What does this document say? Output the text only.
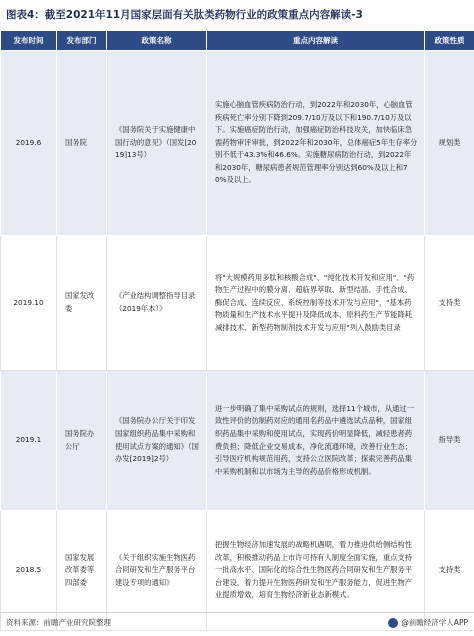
图表4：截至2021年11月国家层面有关肽类药物行业的政策重点内容解读-3
发布时间	发布部门	政策名称	重点内容解读	政策性质
2019.6	国务院	《国务院关于实施健康中国行动的意见》（国发[2019]13号）	实施心脑血管疾病防治行动，到2022年和2030年，心脑血管疾病死亡率分别下降到209.7/10万及以下和190.7/10万及以下。实施癌症防治行动，加强癌症防治科技攻关，加快临床急需药物审评审批，到2022年和2030年，总体癌症5年生存率分别不低于43.3%和46.6%。实施糖尿病防治行动，到2022年和2030年，糖尿病患者规范管理率分别达到60%及以上和70%及以上。	规划类
2019.10	国家发改委	《产业结构调整指导目录（2019年本）》	将"大规模药用多肽和核酸合成"、"纯化技术开发和应用"、"药物生产过程中的膜分离、超临界萃取、新型结晶、手性合成、酶促合成、连续反应、系统控制等技术开发与应用"，"基本药物质量和生产技术水平提升及降低成本，原料药生产节能降耗减排技术、新型药物制剂技术开发与应用"列入鼓励类目录	支持类
2019.1	国务院办公厅	《国务院办公厅关于印发国家组织药品集中采购和使用试点方案的通知》（国办发[2019]2号）	进一步明确了集中采购试点的规则，选择11个城市，从通过一致性评价的仿制药对应的通用名药品中遴选试点品种，国家组织药品集中采购和使用试点，实现药价明显降低，减轻患者药费负担；降低企业交易成本，净化流通环境，改善行业生态；引导医疗机构规范用药，支持公立医院改革；探索完善药品集中采购机制和以市场为主导的药品价格形成机制。	指导类
2018.5	国家发展改革委等四部委	《关于组织实施生物医药合同研发和生产服务平台建设专项的通知》	把握生物经济加速发展的战略机遇期，着力推进供给侧结构性改革，积极推动药品上市许可持有人制度全面实施，重点支持一批高水平、国际化的综合性生物医药合同研发和生产服务平台建设，着力提升生物医药研发和生产服务能力，促进生物产业提质增效，培育生物经济新业态新模式。	支持类
资料来源：前瞻产业研究院整理	@前瞻经济学人APP
